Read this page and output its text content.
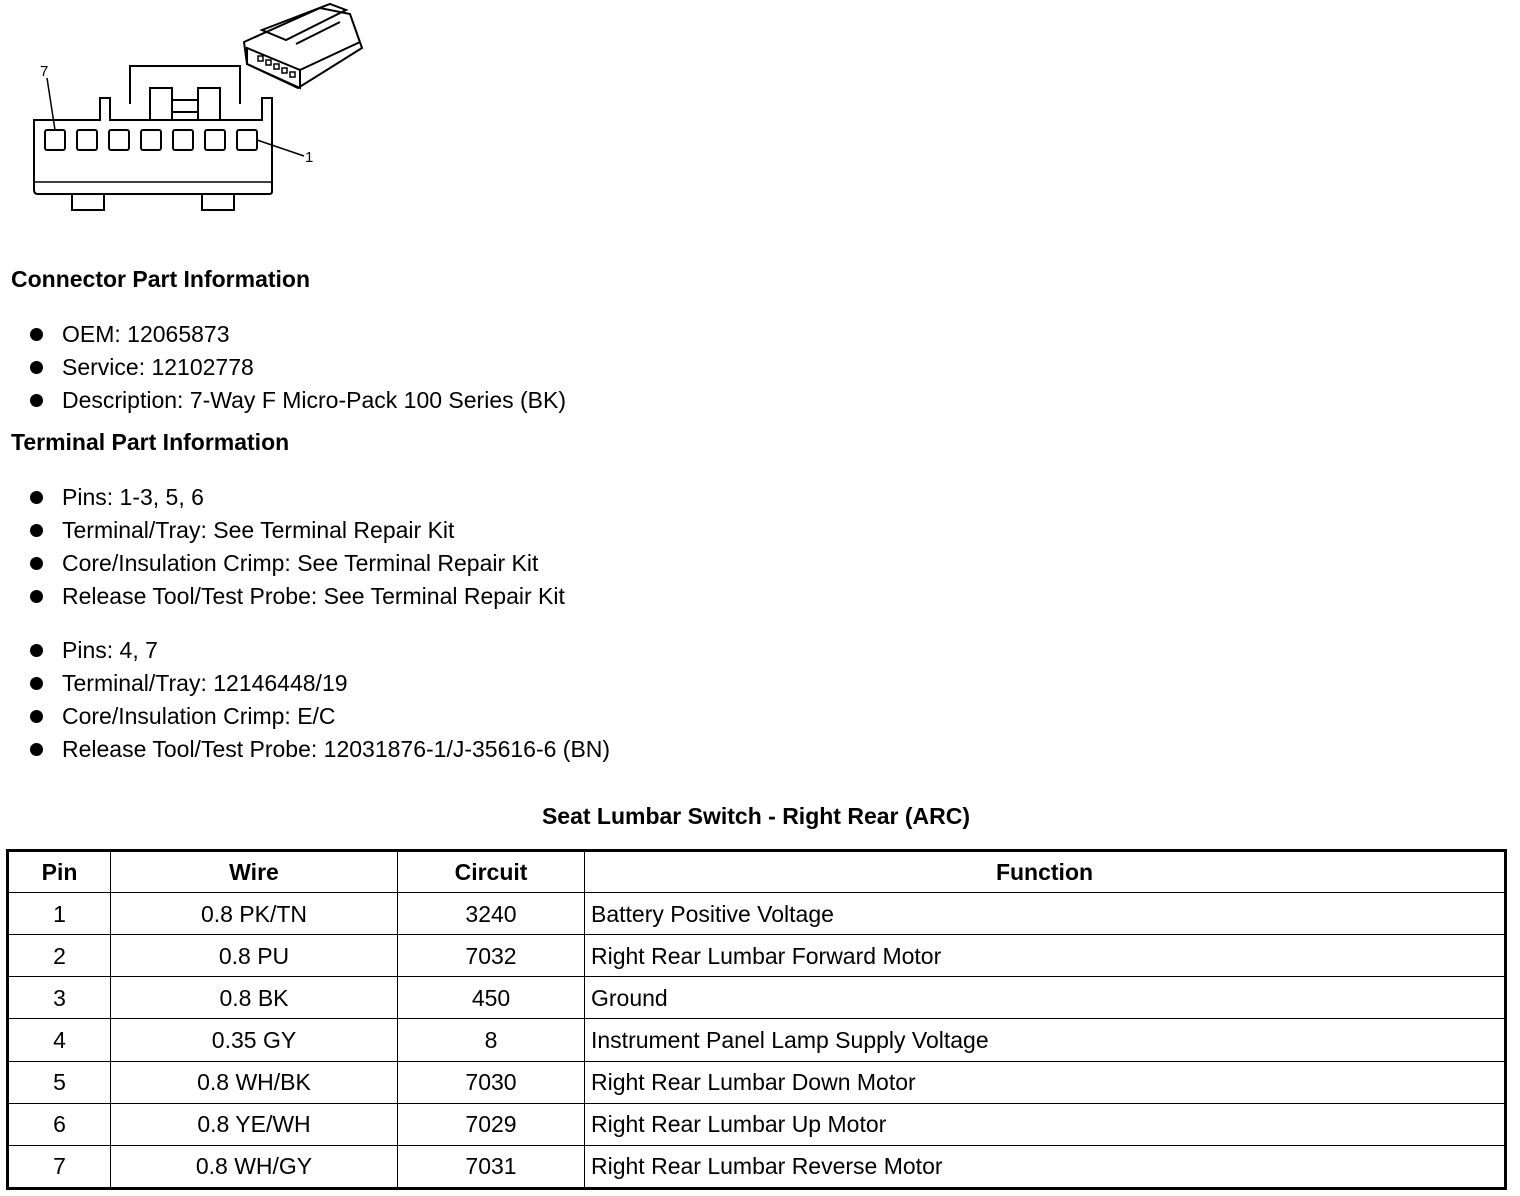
7
1
Connector Part Information
OEM: 12065873
Service: 12102778
Description: 7-Way F Micro-Pack 100 Series (BK)
Terminal Part Information
Pins: 1-3, 5, 6
Terminal/Tray: See Terminal Repair Kit
Core/Insulation Crimp: See Terminal Repair Kit
Release Tool/Test Probe: See Terminal Repair Kit
Pins: 4, 7
Terminal/Tray: 12146448/19
Core/Insulation Crimp: E/C
Release Tool/Test Probe: 12031876-1/J-35616-6 (BN)
Seat Lumbar Switch - Right Rear (ARC)
Pin	Wire	Circuit	Function
1	0.8 PK/TN	3240	Battery Positive Voltage
2	0.8 PU	7032	Right Rear Lumbar Forward Motor
3	0.8 BK	450	Ground
4	0.35 GY	8	Instrument Panel Lamp Supply Voltage
5	0.8 WH/BK	7030	Right Rear Lumbar Down Motor
6	0.8 YE/WH	7029	Right Rear Lumbar Up Motor
7	0.8 WH/GY	7031	Right Rear Lumbar Reverse Motor
